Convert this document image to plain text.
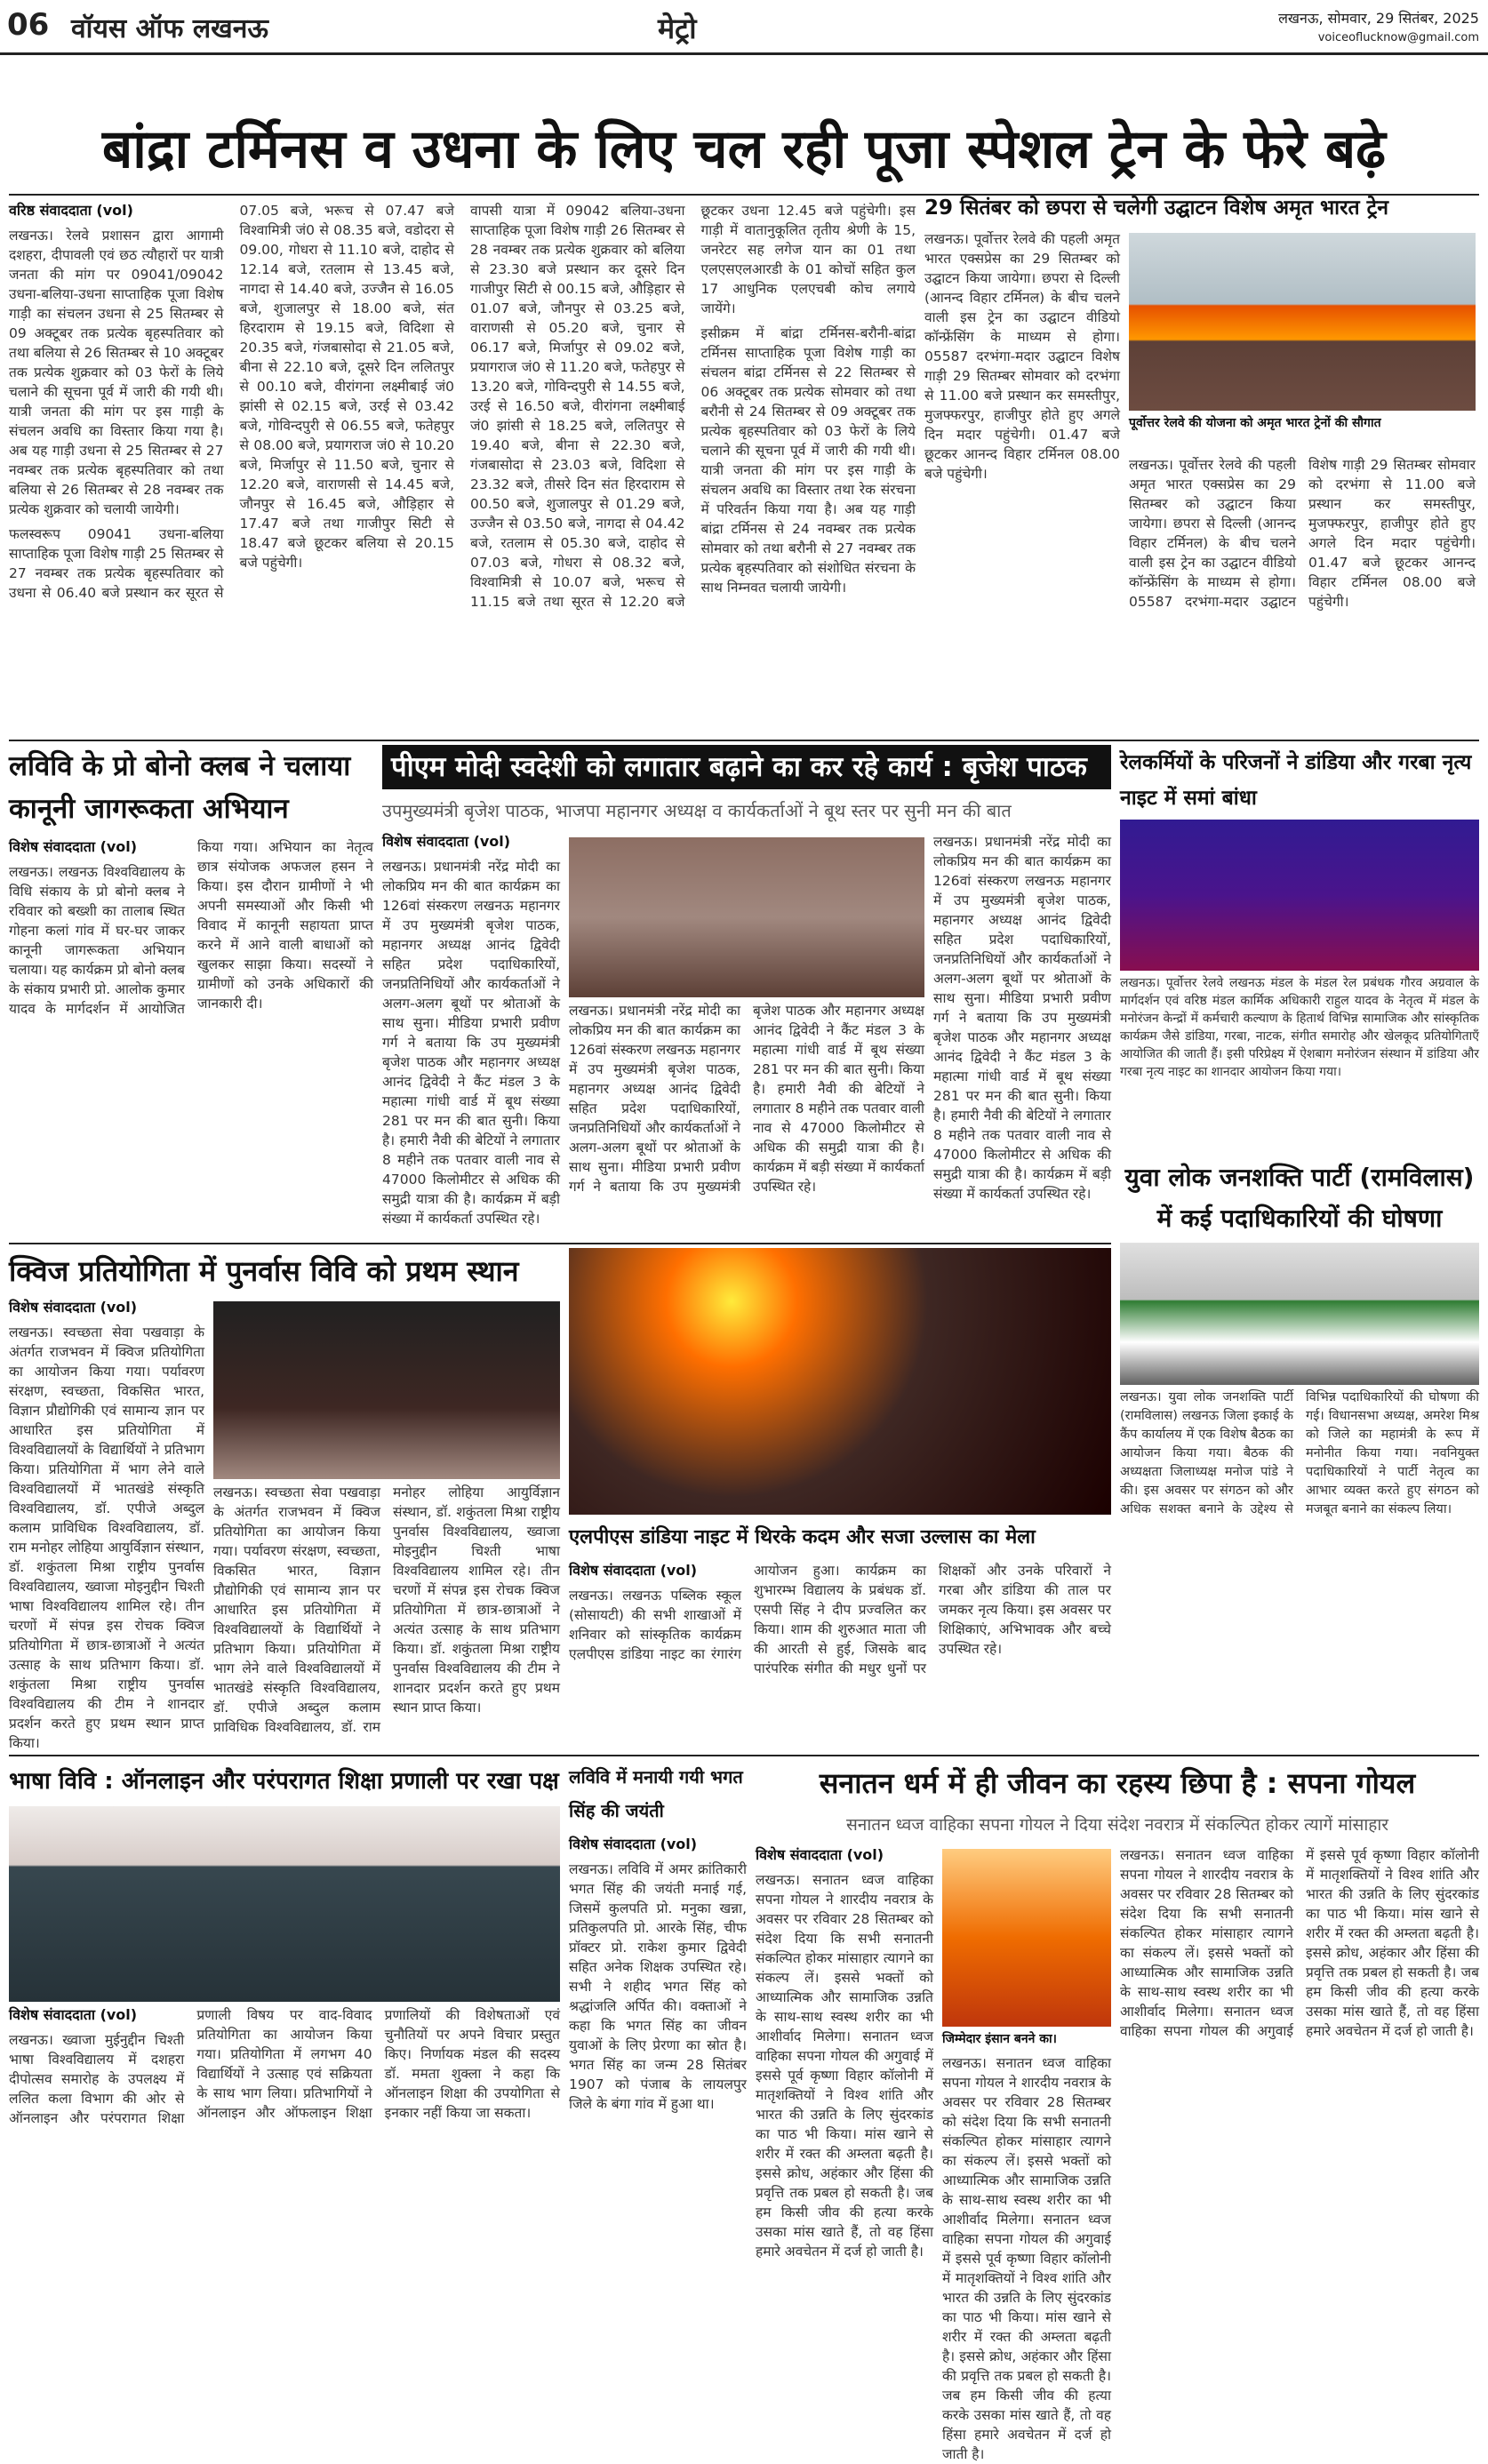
06 वॉयस ऑफ लखनऊ	मेट्रो	लखनऊ, सोमवार, 29 सितंबर, 2025
voiceoflucknow@gmail.com
बांद्रा टर्मिनस व उधना के लिए चल रही पूजा स्पेशल ट्रेन के फेरे बढ़े
वरिष्ठ संवाददाता (vol)

लखनऊ। रेलवे प्रशासन द्वारा आगामी दशहरा, दीपावली एवं छठ त्यौहारों पर यात्री जनता की मांग पर 09041/09042 उधना-बलिया-उधना साप्ताहिक पूजा विशेष गाड़ी का संचलन उधना से 25 सितम्बर से 09 अक्टूबर तक प्रत्येक बृहस्पतिवार को तथा बलिया से 26 सितम्बर से 10 अक्टूबर तक प्रत्येक शुक्रवार को 03 फेरों के लिये चलाने की सूचना पूर्व में जारी की गयी थी। यात्री जनता की मांग पर इस गाड़ी के संचलन अवधि का विस्तार किया गया है। अब यह गाड़ी उधना से 25 सितम्बर से 27 नवम्बर तक प्रत्येक बृहस्पतिवार को तथा बलिया से 26 सितम्बर से 28 नवम्बर तक प्रत्येक शुक्रवार को चलायी जायेगी।

फलस्वरूप 09041 उधना-बलिया साप्ताहिक पूजा विशेष गाड़ी 25 सितम्बर से 27 नवम्बर तक प्रत्येक बृहस्पतिवार को उधना से 06.40 बजे प्रस्थान कर सूरत से 07.05 बजे, भरूच से 07.47 बजे विश्वामित्री जं0 से 08.35 बजे, वडोदरा से 09.00, गोधरा से 11.10 बजे, दाहोद से 12.14 बजे, रतलाम से 13.45 बजे, नागदा से 14.40 बजे, उज्जैन से 16.05 बजे, शुजालपुर से 18.00 बजे, संत हिरदाराम से 19.15 बजे, विदिशा से 20.35 बजे, गंजबासोदा से 21.05 बजे, बीना से 22.10 बजे, दूसरे दिन ललितपुर से 00.10 बजे, वीरांगना लक्ष्मीबाई जं0 झांसी से 02.15 बजे, उरई से 03.42 बजे, गोविन्दपुरी से 06.55 बजे, फतेहपुर से 08.00 बजे, प्रयागराज जं0 से 10.20 बजे, मिर्जापुर से 11.50 बजे, चुनार से 12.20 बजे, वाराणसी से 14.45 बजे, जौनपुर से 16.45 बजे, औड़िहार से 17.47 बजे तथा गाजीपुर सिटी से 18.47 बजे छूटकर बलिया से 20.15 बजे पहुंचेगी।

वापसी यात्रा में 09042 बलिया-उधना साप्ताहिक पूजा विशेष गाड़ी 26 सितम्बर से 28 नवम्बर तक प्रत्येक शुक्रवार को बलिया से 23.30 बजे प्रस्थान कर दूसरे दिन गाजीपुर सिटी से 00.15 बजे, औड़िहार से 01.07 बजे, जौनपुर से 03.25 बजे, वाराणसी से 05.20 बजे, चुनार से 06.17 बजे, मिर्जापुर से 09.02 बजे, प्रयागराज जं0 से 11.20 बजे, फतेहपुर से 13.20 बजे, गोविन्दपुरी से 14.55 बजे, उरई से 16.50 बजे, वीरांगना लक्ष्मीबाई जं0 झांसी से 18.25 बजे, ललितपुर से 19.40 बजे, बीना से 22.30 बजे, गंजबासोदा से 23.03 बजे, विदिशा से 23.32 बजे, तीसरे दिन संत हिरदाराम से 00.50 बजे, शुजालपुर से 01.29 बजे, उज्जैन से 03.50 बजे, नागदा से 04.42 बजे, रतलाम से 05.30 बजे, दाहोद से 07.03 बजे, गोधरा से 08.32 बजे, विश्वामित्री से 10.07 बजे, भरूच से 11.15 बजे तथा सूरत से 12.20 बजे छूटकर उधना 12.45 बजे पहुंचेगी। इस गाड़ी में वातानुकूलित तृतीय श्रेणी के 15, जनरेटर सह लगेज यान का 01 तथा एलएसएलआरडी के 01 कोचों सहित कुल 17 आधुनिक एलएचबी कोच लगाये जायेंगे।

इसीक्रम में बांद्रा टर्मिनस-बरौनी-बांद्रा टर्मिनस साप्ताहिक पूजा विशेष गाड़ी का संचलन बांद्रा टर्मिनस से 22 सितम्बर से 06 अक्टूबर तक प्रत्येक सोमवार को तथा बरौनी से 24 सितम्बर से 09 अक्टूबर तक प्रत्येक बृहस्पतिवार को 03 फेरों के लिये चलाने की सूचना पूर्व में जारी की गयी थी। यात्री जनता की मांग पर इस गाड़ी के संचलन अवधि का विस्तार तथा रेक संरचना में परिवर्तन किया गया है। अब यह गाड़ी बांद्रा टर्मिनस से 24 नवम्बर तक प्रत्येक सोमवार को तथा बरौनी से 27 नवम्बर तक प्रत्येक बृहस्पतिवार को संशोधित संरचना के साथ निम्नवत चलायी जायेगी।

29 सितंबर को छपरा से चलेगी उद्घाटन विशेष अमृत भारत ट्रेन
लखनऊ। पूर्वोत्तर रेलवे की पहली अमृत भारत एक्सप्रेस का 29 सितम्बर को उद्घाटन किया जायेगा। छपरा से दिल्ली (आनन्द विहार टर्मिनल) के बीच चलने वाली इस ट्रेन का उद्घाटन वीडियो कॉन्फ्रेंसिंग के माध्यम से होगा। 05587 दरभंगा-मदार उद्घाटन विशेष गाड़ी 29 सितम्बर सोमवार को दरभंगा से 11.00 बजे प्रस्थान कर समस्तीपुर, मुजफ्फरपुर, हाजीपुर होते हुए अगले दिन मदार पहुंचेगी। 01.47 बजे छूटकर आनन्द विहार टर्मिनल 08.00 बजे पहुंचेगी।
पूर्वोत्तर रेलवे की योजना को अमृत भारत ट्रेनों की सौगात
लखनऊ। पूर्वोत्तर रेलवे की पहली अमृत भारत एक्सप्रेस का 29 सितम्बर को उद्घाटन किया जायेगा। छपरा से दिल्ली (आनन्द विहार टर्मिनल) के बीच चलने वाली इस ट्रेन का उद्घाटन वीडियो कॉन्फ्रेंसिंग के माध्यम से होगा। 05587 दरभंगा-मदार उद्घाटन विशेष गाड़ी 29 सितम्बर सोमवार को दरभंगा से 11.00 बजे प्रस्थान कर समस्तीपुर, मुजफ्फरपुर, हाजीपुर होते हुए अगले दिन मदार पहुंचेगी। 01.47 बजे छूटकर आनन्द विहार टर्मिनल 08.00 बजे पहुंचेगी।
लविवि के प्रो बोनो क्लब ने चलाया कानूनी जागरूकता अभियान
विशेष संवाददाता (vol)
लखनऊ। लखनऊ विश्वविद्यालय के विधि संकाय के प्रो बोनो क्लब ने रविवार को बख्शी का तालाब स्थित गोहना कलां गांव में घर-घर जाकर कानूनी जागरूकता अभियान चलाया। यह कार्यक्रम प्रो बोनो क्लब के संकाय प्रभारी प्रो. आलोक कुमार यादव के मार्गदर्शन में आयोजित किया गया। अभियान का नेतृत्व छात्र संयोजक अफजल हसन ने किया। इस दौरान ग्रामीणों ने भी अपनी समस्याओं और किसी भी विवाद में कानूनी सहायता प्राप्त करने में आने वाली बाधाओं को खुलकर साझा किया। सदस्यों ने ग्रामीणों को उनके अधिकारों की जानकारी दी।
पीएम मोदी स्वदेशी को लगातार बढ़ाने का कर रहे कार्य : बृजेश पाठक
उपमुख्यमंत्री बृजेश पाठक, भाजपा महानगर अध्यक्ष व कार्यकर्ताओं ने बूथ स्तर पर सुनी मन की बात
विशेष संवाददाता (vol)
लखनऊ। प्रधानमंत्री नरेंद्र मोदी का लोकप्रिय मन की बात कार्यक्रम का 126वां संस्करण लखनऊ महानगर में उप मुख्यमंत्री बृजेश पाठक, महानगर अध्यक्ष आनंद द्विवेदी सहित प्रदेश पदाधिकारियों, जनप्रतिनिधियों और कार्यकर्ताओं ने अलग-अलग बूथों पर श्रोताओं के साथ सुना। मीडिया प्रभारी प्रवीण गर्ग ने बताया कि उप मुख्यमंत्री बृजेश पाठक और महानगर अध्यक्ष आनंद द्विवेदी ने कैंट मंडल 3 के महात्मा गांधी वार्ड में बूथ संख्या 281 पर मन की बात सुनी। किया है। हमारी नैवी की बेटियों ने लगातार 8 महीने तक पतवार वाली नाव से 47000 किलोमीटर से अधिक की समुद्री यात्रा की है। कार्यक्रम में बड़ी संख्या में कार्यकर्ता उपस्थित रहे।
लखनऊ। प्रधानमंत्री नरेंद्र मोदी का लोकप्रिय मन की बात कार्यक्रम का 126वां संस्करण लखनऊ महानगर में उप मुख्यमंत्री बृजेश पाठक, महानगर अध्यक्ष आनंद द्विवेदी सहित प्रदेश पदाधिकारियों, जनप्रतिनिधियों और कार्यकर्ताओं ने अलग-अलग बूथों पर श्रोताओं के साथ सुना। मीडिया प्रभारी प्रवीण गर्ग ने बताया कि उप मुख्यमंत्री बृजेश पाठक और महानगर अध्यक्ष आनंद द्विवेदी ने कैंट मंडल 3 के महात्मा गांधी वार्ड में बूथ संख्या 281 पर मन की बात सुनी। किया है। हमारी नैवी की बेटियों ने लगातार 8 महीने तक पतवार वाली नाव से 47000 किलोमीटर से अधिक की समुद्री यात्रा की है। कार्यक्रम में बड़ी संख्या में कार्यकर्ता उपस्थित रहे।
लखनऊ। प्रधानमंत्री नरेंद्र मोदी का लोकप्रिय मन की बात कार्यक्रम का 126वां संस्करण लखनऊ महानगर में उप मुख्यमंत्री बृजेश पाठक, महानगर अध्यक्ष आनंद द्विवेदी सहित प्रदेश पदाधिकारियों, जनप्रतिनिधियों और कार्यकर्ताओं ने अलग-अलग बूथों पर श्रोताओं के साथ सुना। मीडिया प्रभारी प्रवीण गर्ग ने बताया कि उप मुख्यमंत्री बृजेश पाठक और महानगर अध्यक्ष आनंद द्विवेदी ने कैंट मंडल 3 के महात्मा गांधी वार्ड में बूथ संख्या 281 पर मन की बात सुनी। किया है। हमारी नैवी की बेटियों ने लगातार 8 महीने तक पतवार वाली नाव से 47000 किलोमीटर से अधिक की समुद्री यात्रा की है। कार्यक्रम में बड़ी संख्या में कार्यकर्ता उपस्थित रहे।
रेलकर्मियों के परिजनों ने डांडिया और गरबा नृत्य नाइट में समां बांधा
लखनऊ। पूर्वोत्तर रेलवे लखनऊ मंडल के मंडल रेल प्रबंधक गौरव अग्रवाल के मार्गदर्शन एवं वरिष्ठ मंडल कार्मिक अधिकारी राहुल यादव के नेतृत्व में मंडल के मनोरंजन केन्द्रों में कर्मचारी कल्याण के हितार्थ विभिन्न सामाजिक और सांस्कृतिक कार्यक्रम जैसे डांडिया, गरबा, नाटक, संगीत समारोह और खेलकूद प्रतियोगिताएँ आयोजित की जाती हैं। इसी परिप्रेक्ष्य में ऐशबाग मनोरंजन संस्थान में डांडिया और गरबा नृत्य नाइट का शानदार आयोजन किया गया।
युवा लोक जनशक्ति पार्टी (रामविलास) में कई पदाधिकारियों की घोषणा
क्विज प्रतियोगिता में पुनर्वास विवि को प्रथम स्थान
विशेष संवाददाता (vol)
लखनऊ। स्वच्छता सेवा पखवाड़ा के अंतर्गत राजभवन में क्विज प्रतियोगिता का आयोजन किया गया। पर्यावरण संरक्षण, स्वच्छता, विकसित भारत, विज्ञान प्रौद्योगिकी एवं सामान्य ज्ञान पर आधारित इस प्रतियोगिता में विश्वविद्यालयों के विद्यार्थियों ने प्रतिभाग किया। प्रतियोगिता में भाग लेने वाले विश्वविद्यालयों में भातखंडे संस्कृति विश्वविद्यालय, डॉ. एपीजे अब्दुल कलाम प्राविधिक विश्वविद्यालय, डॉ. राम मनोहर लोहिया आयुर्विज्ञान संस्थान, डॉ. शकुंतला मिश्रा राष्ट्रीय पुनर्वास विश्वविद्यालय, ख्वाजा मोइनुद्दीन चिश्ती भाषा विश्वविद्यालय शामिल रहे। तीन चरणों में संपन्न इस रोचक क्विज प्रतियोगिता में छात्र-छात्राओं ने अत्यंत उत्साह के साथ प्रतिभाग किया। डॉ. शकुंतला मिश्रा राष्ट्रीय पुनर्वास विश्वविद्यालय की टीम ने शानदार प्रदर्शन करते हुए प्रथम स्थान प्राप्त किया।
लखनऊ। स्वच्छता सेवा पखवाड़ा के अंतर्गत राजभवन में क्विज प्रतियोगिता का आयोजन किया गया। पर्यावरण संरक्षण, स्वच्छता, विकसित भारत, विज्ञान प्रौद्योगिकी एवं सामान्य ज्ञान पर आधारित इस प्रतियोगिता में विश्वविद्यालयों के विद्यार्थियों ने प्रतिभाग किया। प्रतियोगिता में भाग लेने वाले विश्वविद्यालयों में भातखंडे संस्कृति विश्वविद्यालय, डॉ. एपीजे अब्दुल कलाम प्राविधिक विश्वविद्यालय, डॉ. राम मनोहर लोहिया आयुर्विज्ञान संस्थान, डॉ. शकुंतला मिश्रा राष्ट्रीय पुनर्वास विश्वविद्यालय, ख्वाजा मोइनुद्दीन चिश्ती भाषा विश्वविद्यालय शामिल रहे। तीन चरणों में संपन्न इस रोचक क्विज प्रतियोगिता में छात्र-छात्राओं ने अत्यंत उत्साह के साथ प्रतिभाग किया। डॉ. शकुंतला मिश्रा राष्ट्रीय पुनर्वास विश्वविद्यालय की टीम ने शानदार प्रदर्शन करते हुए प्रथम स्थान प्राप्त किया।
एलपीएस डांडिया नाइट में थिरके कदम और सजा उल्लास का मेला
विशेष संवाददाता (vol)
लखनऊ। लखनऊ पब्लिक स्कूल (सोसायटी) की सभी शाखाओं में शनिवार को सांस्कृतिक कार्यक्रम एलपीएस डांडिया नाइट का रंगारंग आयोजन हुआ। कार्यक्रम का शुभारम्भ विद्यालय के प्रबंधक डॉ. एसपी सिंह ने दीप प्रज्वलित कर किया। शाम की शुरुआत माता जी की आरती से हुई, जिसके बाद पारंपरिक संगीत की मधुर धुनों पर शिक्षकों और उनके परिवारों ने गरबा और डांडिया की ताल पर जमकर नृत्य किया। इस अवसर पर शिक्षिकाएं, अभिभावक और बच्चे उपस्थित रहे।
लखनऊ। युवा लोक जनशक्ति पार्टी (रामविलास) लखनऊ जिला इकाई के कैंप कार्यालय में एक विशेष बैठक का आयोजन किया गया। बैठक की अध्यक्षता जिलाध्यक्ष मनोज पांडे ने की। इस अवसर पर संगठन को और अधिक सशक्त बनाने के उद्देश्य से विभिन्न पदाधिकारियों की घोषणा की गई। विधानसभा अध्यक्ष, अमरेश मिश्र को जिले का महामंत्री के रूप में मनोनीत किया गया। नवनियुक्त पदाधिकारियों ने पार्टी नेतृत्व का आभार व्यक्त करते हुए संगठन को मजबूत बनाने का संकल्प लिया।
भाषा विवि : ऑनलाइन और परंपरागत शिक्षा प्रणाली पर रखा पक्ष
विशेष संवाददाता (vol)
लखनऊ। ख्वाजा मुईनुद्दीन चिश्ती भाषा विश्वविद्यालय में दशहरा दीपोत्सव समारोह के उपलक्ष्य में ललित कला विभाग की ओर से ऑनलाइन और परंपरागत शिक्षा प्रणाली विषय पर वाद-विवाद प्रतियोगिता का आयोजन किया गया। प्रतियोगिता में लगभग 40 विद्यार्थियों ने उत्साह एवं सक्रियता के साथ भाग लिया। प्रतिभागियों ने ऑनलाइन और ऑफलाइन शिक्षा प्रणालियों की विशेषताओं एवं चुनौतियों पर अपने विचार प्रस्तुत किए। निर्णायक मंडल की सदस्य डॉ. ममता शुक्ला ने कहा कि ऑनलाइन शिक्षा की उपयोगिता से इनकार नहीं किया जा सकता।
लविवि में मनायी गयी भगत सिंह की जयंती
विशेष संवाददाता (vol)
लखनऊ। लविवि में अमर क्रांतिकारी भगत सिंह की जयंती मनाई गई, जिसमें कुलपति प्रो. मनुका खन्ना, प्रतिकुलपति प्रो. आरके सिंह, चीफ प्रॉक्टर प्रो. राकेश कुमार द्विवेदी सहित अनेक शिक्षक उपस्थित रहे। सभी ने शहीद भगत सिंह को श्रद्धांजलि अर्पित की। वक्ताओं ने कहा कि भगत सिंह का जीवन युवाओं के लिए प्रेरणा का स्रोत है। भगत सिंह का जन्म 28 सितंबर 1907 को पंजाब के लायलपुर जिले के बंगा गांव में हुआ था।
सनातन धर्म में ही जीवन का रहस्य छिपा है : सपना गोयल
सनातन ध्वज वाहिका सपना गोयल ने दिया संदेश नवरात्र में संकल्पित होकर त्यागें मांसाहार
विशेष संवाददाता (vol)
लखनऊ। सनातन ध्वज वाहिका सपना गोयल ने शारदीय नवरात्र के अवसर पर रविवार 28 सितम्बर को संदेश दिया कि सभी सनातनी संकल्पित होकर मांसाहार त्यागने का संकल्प लें। इससे भक्तों को आध्यात्मिक और सामाजिक उन्नति के साथ-साथ स्वस्थ शरीर का भी आशीर्वाद मिलेगा। सनातन ध्वज वाहिका सपना गोयल की अगुवाई में इससे पूर्व कृष्णा विहार कॉलोनी में मातृशक्तियों ने विश्व शांति और भारत की उन्नति के लिए सुंदरकांड का पाठ भी किया। मांस खाने से शरीर में रक्त की अम्लता बढ़ती है। इससे क्रोध, अहंकार और हिंसा की प्रवृत्ति तक प्रबल हो सकती है। जब हम किसी जीव की हत्या करके उसका मांस खाते हैं, तो वह हिंसा हमारे अवचेतन में दर्ज हो जाती है।
जिम्मेदार इंसान बनने का।
लखनऊ। सनातन ध्वज वाहिका सपना गोयल ने शारदीय नवरात्र के अवसर पर रविवार 28 सितम्बर को संदेश दिया कि सभी सनातनी संकल्पित होकर मांसाहार त्यागने का संकल्प लें। इससे भक्तों को आध्यात्मिक और सामाजिक उन्नति के साथ-साथ स्वस्थ शरीर का भी आशीर्वाद मिलेगा। सनातन ध्वज वाहिका सपना गोयल की अगुवाई में इससे पूर्व कृष्णा विहार कॉलोनी में मातृशक्तियों ने विश्व शांति और भारत की उन्नति के लिए सुंदरकांड का पाठ भी किया। मांस खाने से शरीर में रक्त की अम्लता बढ़ती है। इससे क्रोध, अहंकार और हिंसा की प्रवृत्ति तक प्रबल हो सकती है। जब हम किसी जीव की हत्या करके उसका मांस खाते हैं, तो वह हिंसा हमारे अवचेतन में दर्ज हो जाती है।
लखनऊ। सनातन ध्वज वाहिका सपना गोयल ने शारदीय नवरात्र के अवसर पर रविवार 28 सितम्बर को संदेश दिया कि सभी सनातनी संकल्पित होकर मांसाहार त्यागने का संकल्प लें। इससे भक्तों को आध्यात्मिक और सामाजिक उन्नति के साथ-साथ स्वस्थ शरीर का भी आशीर्वाद मिलेगा। सनातन ध्वज वाहिका सपना गोयल की अगुवाई में इससे पूर्व कृष्णा विहार कॉलोनी में मातृशक्तियों ने विश्व शांति और भारत की उन्नति के लिए सुंदरकांड का पाठ भी किया। मांस खाने से शरीर में रक्त की अम्लता बढ़ती है। इससे क्रोध, अहंकार और हिंसा की प्रवृत्ति तक प्रबल हो सकती है। जब हम किसी जीव की हत्या करके उसका मांस खाते हैं, तो वह हिंसा हमारे अवचेतन में दर्ज हो जाती है।
